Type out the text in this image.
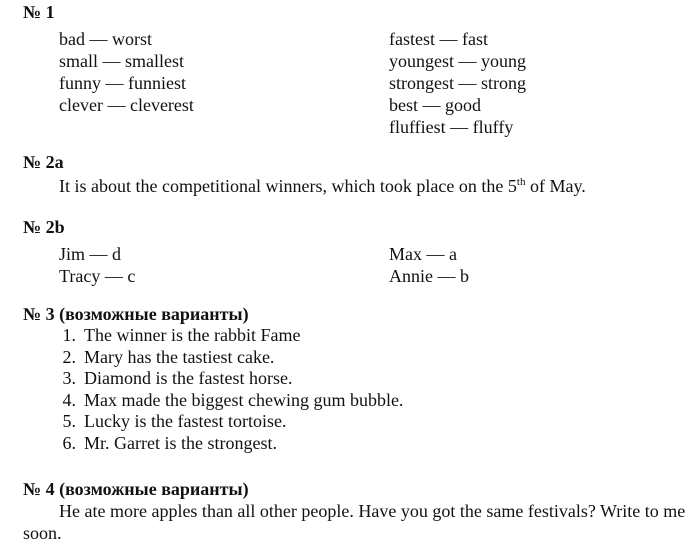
№ 1
bad — worst
small — smallest
funny — funniest
clever — cleverest
fastest — fast
youngest — young
strongest — strong
best — good
fluffiest — fluffy
№ 2a
It is about the competitional winners, which took place on the 5th of May.
№ 2b
Jim — d
Tracy — c
Max — a
Annie — b
№ 3 (возможные варианты)
1. The winner is the rabbit Fame
2. Mary has the tastiest cake.
3. Diamond is the fastest horse.
4. Max made the biggest chewing gum bubble.
5. Lucky is the fastest tortoise.
6. Mr. Garret is the strongest.
№ 4 (возможные варианты)
He ate more apples than all other people. Have you got the same festivals? Write to me soon.
